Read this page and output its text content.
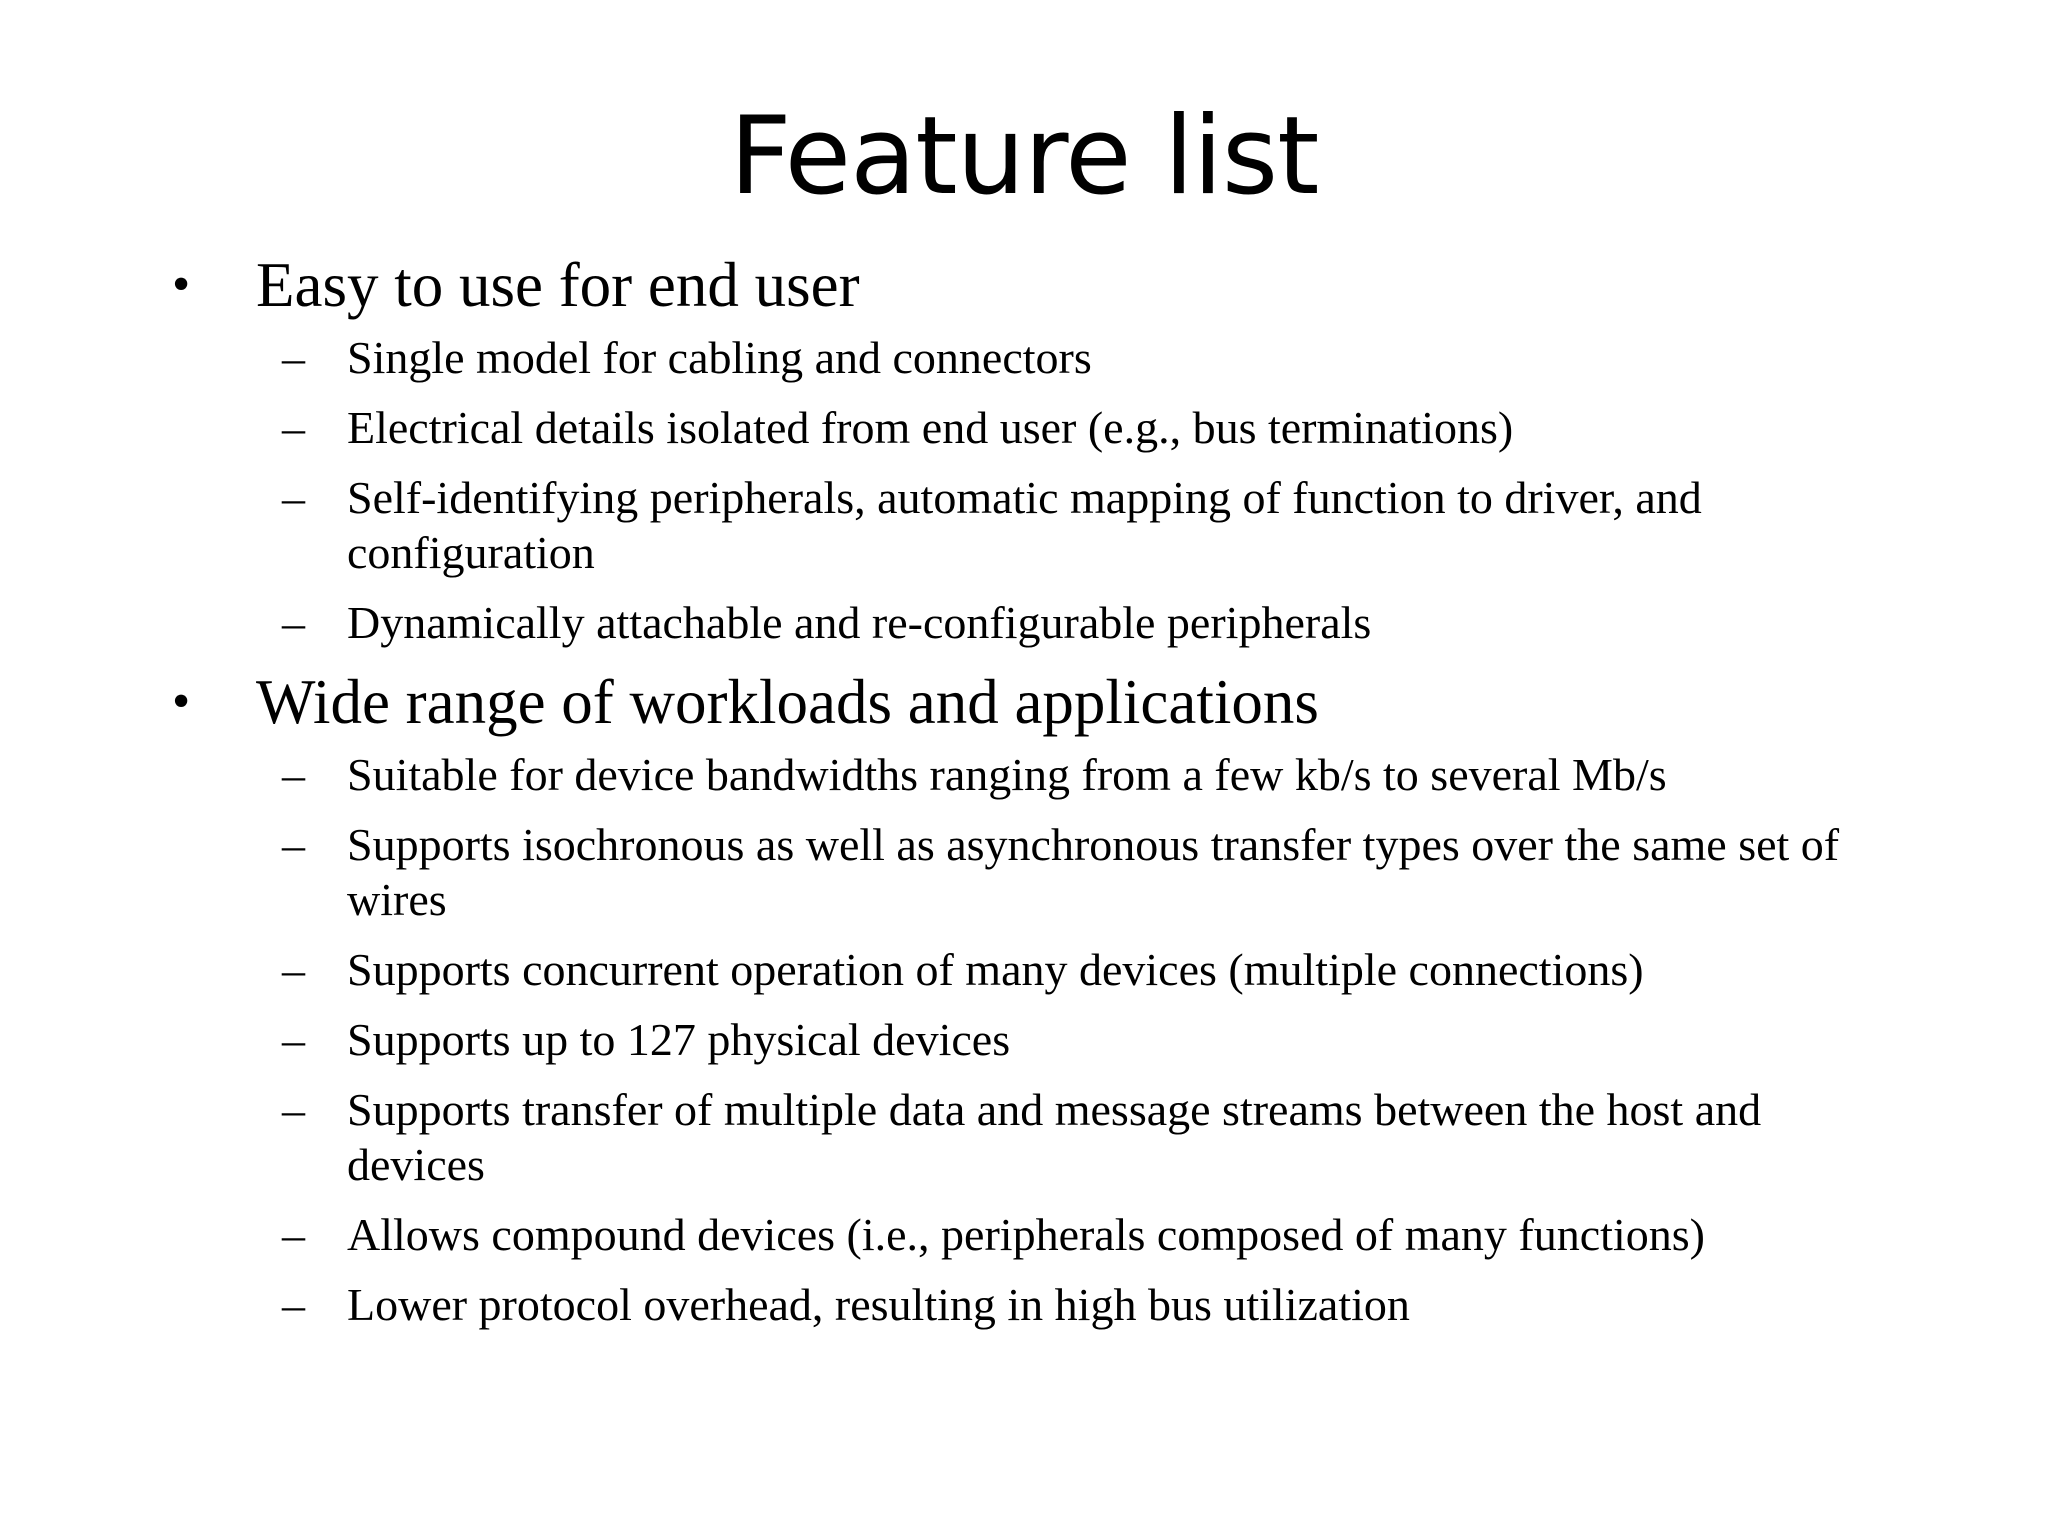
Feature list
• Easy to use for end user
– Single model for cabling and connectors
– Electrical details isolated from end user (e.g., bus terminations)
– Self-identifying peripherals, automatic mapping of function to driver, and configuration
– Dynamically attachable and re-configurable peripherals
• Wide range of workloads and applications
– Suitable for device bandwidths ranging from a few kb/s to several Mb/s
– Supports isochronous as well as asynchronous transfer types over the same set of wires
– Supports concurrent operation of many devices (multiple connections)
– Supports up to 127 physical devices
– Supports transfer of multiple data and message streams between the host and devices
– Allows compound devices (i.e., peripherals composed of many functions)
– Lower protocol overhead, resulting in high bus utilization
